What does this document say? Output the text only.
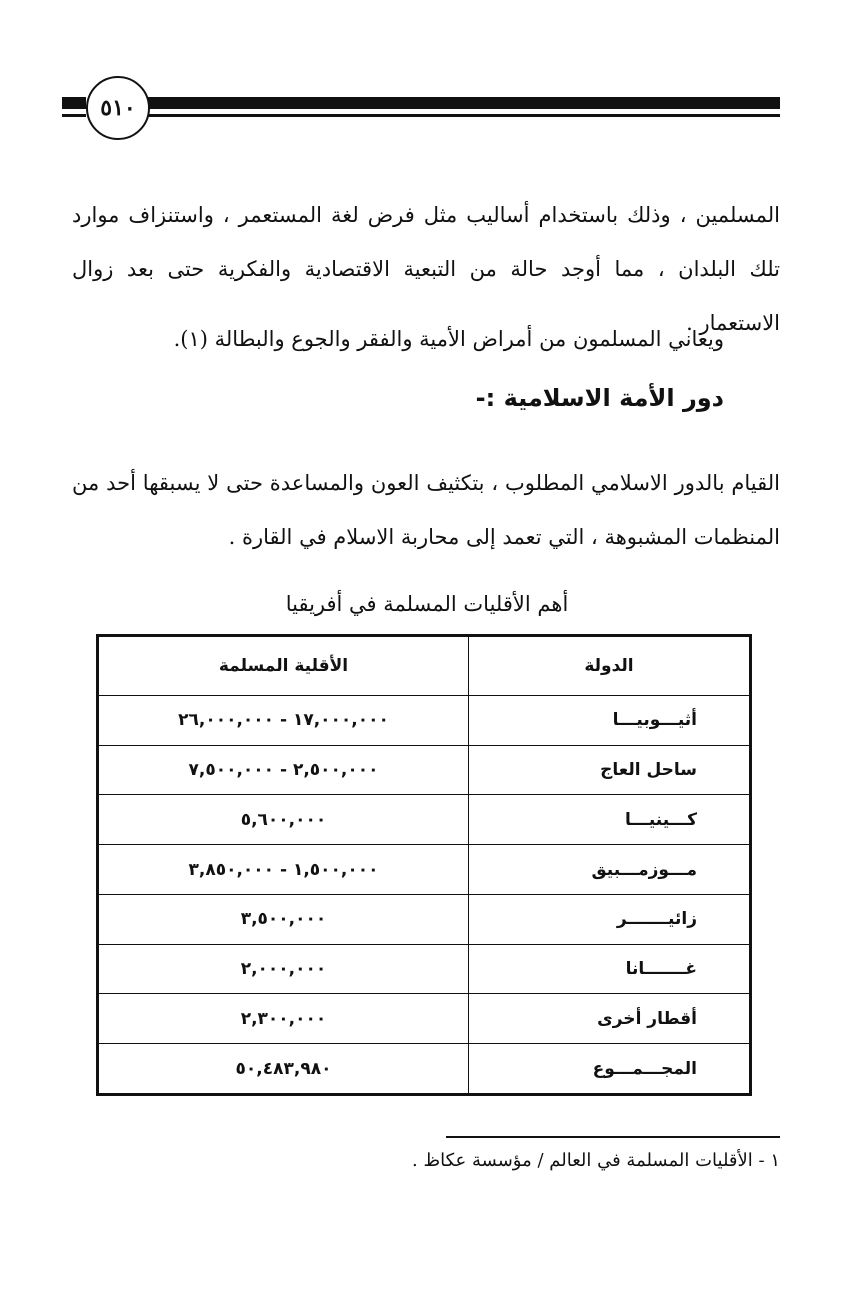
٥١٠
المسلمين ، وذلك باستخدام أساليب مثل فرض لغة المستعمر ، واستنزاف موارد تلك البلدان ، مما أوجد حالة من التبعية الاقتصادية والفكرية حتى بعد زوال الاستعمار .
ويعاني المسلمون من أمراض الأمية والفقر والجوع والبطالة (١).
دور الأمة الاسلامية :-
القيام بالدور الاسلامي المطلوب ، بتكثيف العون والمساعدة حتى لا يسبقها أحد من المنظمات المشبوهة ، التي تعمد إلى محاربة الاسلام في القارة .
أهم الأقليات المسلمة في أفريقيا
الدولة	الأقلية المسلمة
أثيـــوبيـــا	١٧,٠٠٠,٠٠٠ - ٢٦,٠٠٠,٠٠٠
ساحل العاج	٢,٥٠٠,٠٠٠ - ٧,٥٠٠,٠٠٠
كـــينيـــا	٥,٦٠٠,٠٠٠
مـــوزمـــبيق	١,٥٠٠,٠٠٠ - ٣,٨٥٠,٠٠٠
زائيـــــــر	٣,٥٠٠,٠٠٠
غـــــــانا	٢,٠٠٠,٠٠٠
أقطار أخرى	٢,٣٠٠,٠٠٠
المجـــمـــوع	٥٠,٤٨٣,٩٨٠
١ - الأقليات المسلمة في العالم / مؤسسة عكاظ .
